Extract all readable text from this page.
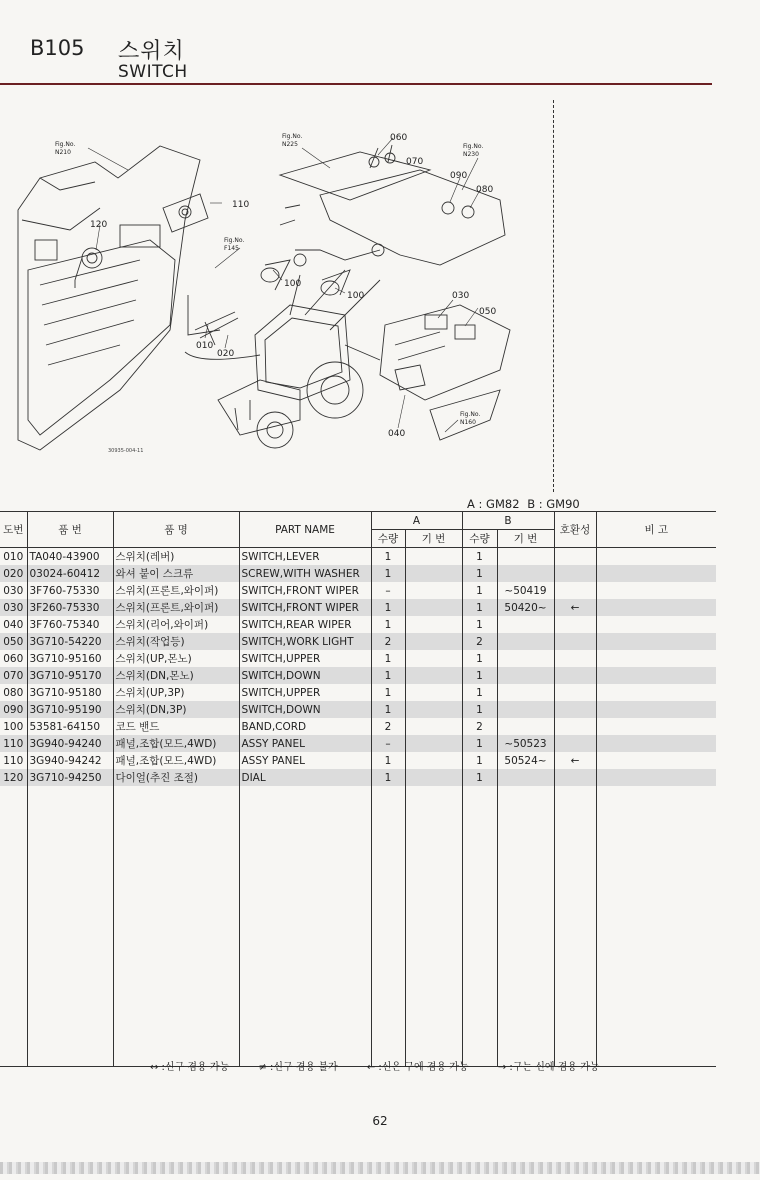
B105 스위치
SWITCH
Fig.No.
N210
Fig.No.
N225	Fig.No.
N230
Fig.No.
F145
Fig.No.
N160
060
070
090
080
110
120
100
100	030
050
010
020
040
30935-004-11
A : GM82 B : GM90
도번	품 번	품 명	PART NAME	A		B		호환성	비 고
				수량	기 번	수량	기 번		
010	TA040-43900	스위치(레버)	SWITCH,LEVER	1		1			
020	03024-60412	와셔 붙이 스크류	SCREW,WITH WASHER	1		1			
030	3F760-75330	스위치(프론트,와이퍼)	SWITCH,FRONT WIPER	–		1	~50419		
030	3F260-75330	스위치(프론트,와이퍼)	SWITCH,FRONT WIPER	1		1	50420~	←	
040	3F760-75340	스위치(리어,와이퍼)	SWITCH,REAR WIPER	1		1			
050	3G710-54220	스위치(작업등)	SWITCH,WORK LIGHT	2		2			
060	3G710-95160	스위치(UP,몬노)	SWITCH,UPPER	1		1			
070	3G710-95170	스위치(DN,몬노)	SWITCH,DOWN	1		1			
080	3G710-95180	스위치(UP,3P)	SWITCH,UPPER	1		1			
090	3G710-95190	스위치(DN,3P)	SWITCH,DOWN	1		1			
100	53581-64150	코드 밴드	BAND,CORD	2		2			
110	3G940-94240	패널,조합(모드,4WD)	ASSY PANEL	–		1	~50523		
110	3G940-94242	패널,조합(모드,4WD)	ASSY PANEL	1		1	50524~	←	
120	3G710-94250	다이얼(추진 조절)	DIAL	1		1			

↔ :신구 겸용 가능	≠ :신구 겸용 불가	← :신은 구에 겸용 가능	→ :구는 신에 겸용 가능
62
